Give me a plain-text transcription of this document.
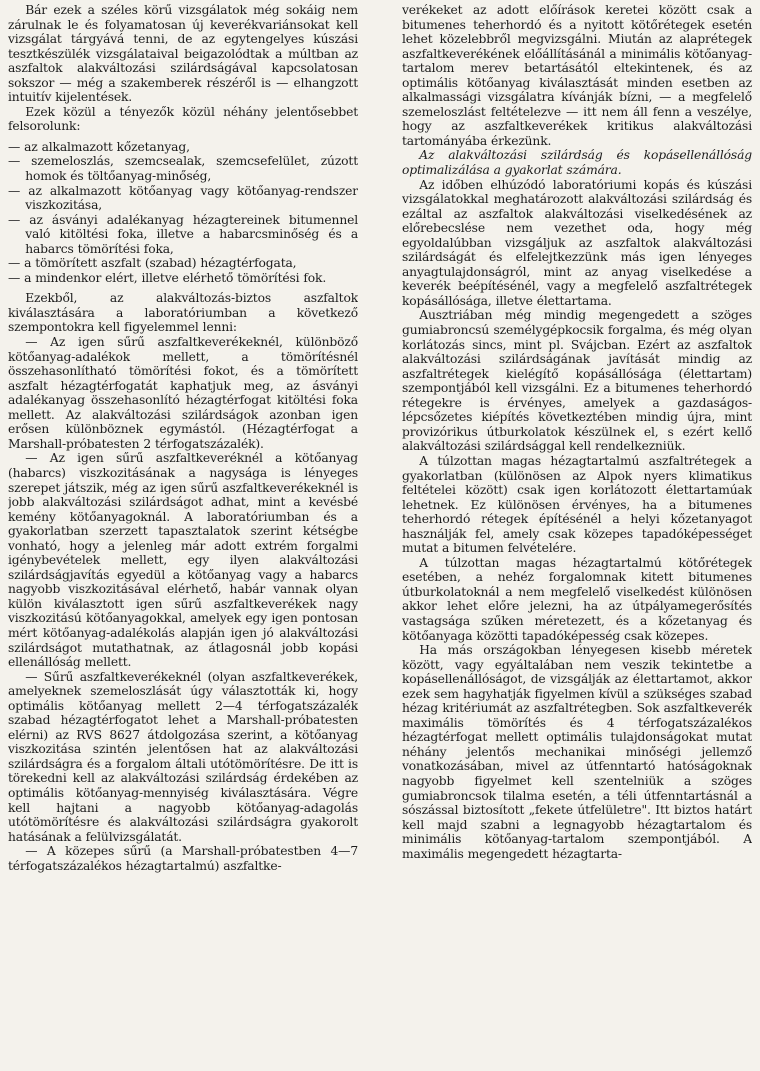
Bár ezek a széles körű vizsgálatok még sokáig nem zárulnak le és folyamatosan új keverékvariánsokat kell vizsgálat tárgyává tenni, de az egytengelyes kúszási tesztkészülék vizsgálataival beigazolódtak a múltban az aszfaltok alakváltozási szilárdságával kapcsolatosan sokszor — még a szakemberek részéről is — elhangzott intuitív kijelentések.

Ezek közül a tényezők közül néhány jelentősebbet felsorolunk:

— az alkalmazott kőzetanyag,

— szemeloszlás, szemcsealak, szemcsefelület, zúzott homok és töltőanyag-minőség,

— az alkalmazott kötőanyag vagy kötőanyag-rendszer viszkozitása,

— az ásványi adalékanyag hézagtereinek bitumennel való kitöltési foka, illetve a habarcsminőség és a habarcs tömörítési foka,

— a tömörített aszfalt (szabad) hézagtérfogata,

— a mindenkor elért, illetve elérhető tömörítési fok.

Ezekből, az alakváltozás-biztos aszfaltok kiválasztására a laboratóriumban a következő szempontokra kell figyelemmel lenni:

— Az igen sűrű aszfaltkeverékeknél, különböző kötőanyag-adalékok mellett, a tömörítésnél összehasonlítható tömörítési fokot, és a tömörített aszfalt hézagtérfogatát kaphatjuk meg, az ásványi adalékanyag összehasonlító hézagtérfogat kitöltési foka mellett. Az alakváltozási szilárdságok azonban igen erősen különböznek egymástól. (Hézagtérfogat a Marshall-próbatesten 2 térfogatszázalék).

— Az igen sűrű aszfaltkeveréknél a kötőanyag (habarcs) viszkozitásának a nagysága is lényeges szerepet játszik, még az igen sűrű aszfaltkeverékeknél is jobb alakváltozási szilárdságot adhat, mint a kevésbé kemény kötőanyagoknál. A laboratóriumban és a gyakorlatban szerzett tapasztalatok szerint kétségbe vonható, hogy a jelenleg már adott extrém forgalmi igénybevételek mellett, egy ilyen alakváltozási szilárdságjavítás egyedül a kötőanyag vagy a habarcs nagyobb viszkozitásával elérhető, habár vannak olyan külön kiválasztott igen sűrű aszfaltkeverékek nagy viszkozitású kötőanyagokkal, amelyek egy igen pontosan mért kötőanyag-adalékolás alapján igen jó alakváltozási szilárdságot mutathatnak, az átlagosnál jobb kopási ellenállóság mellett.

— Sűrű aszfaltkeverékeknél (olyan aszfaltkeverékek, amelyeknek szemeloszlását úgy választották ki, hogy optimális kötőanyag mellett 2—4 térfogatszázalék szabad hézagtérfogatot lehet a Marshall-próbatesten elérni) az RVS 8627 átdolgozása szerint, a kötőanyag viszkozitása szintén jelentősen hat az alakváltozási szilárdságra és a forgalom általi utótömörítésre. De itt is törekedni kell az alakváltozási szilárdság érdekében az optimális kötőanyag-mennyiség kiválasztására. Végre kell hajtani a nagyobb kötőanyag-adagolás utótömörítésre és alakváltozási szilárdságra gyakorolt hatásának a felülvizsgálatát.

— A közepes sűrű (a Marshall-próbatestben 4—7 térfogatszázalékos hézagtartalmú) aszfaltke-

verékeket az adott előírások keretei között csak a bitumenes teherhordó és a nyitott kötőrétegek esetén lehet közelebbről megvizsgálni. Miután az alaprétegek aszfaltkeverékének előállításánál a minimális kötőanyag-tartalom merev betartásától eltekintenek, és az optimális kötőanyag kiválasztását minden esetben az alkalmassági vizsgálatra kívánják bízni, — a megfelelő szemeloszlást feltételezve — itt nem áll fenn a veszélye, hogy az aszfaltkeverékek kritikus alakváltozási tartományába érkezünk.

Az alakváltozási szilárdság és kopásellenállóság optimalizálása a gyakorlat számára.

Az időben elhúzódó laboratóriumi kopás és kúszási vizsgálatokkal meghatározott alakváltozási szilárdság és ezáltal az aszfaltok alakváltozási viselkedésének az előrebecslése nem vezethet oda, hogy még egyoldalúbban vizsgáljuk az aszfaltok alakváltozási szilárdságát és elfelejtkezzünk más igen lényeges anyagtulajdonságról, mint az anyag viselkedése a keverék beépítésénél, vagy a megfelelő aszfaltrétegek kopásállósága, illetve élettartama.

Ausztriában még mindig megengedett a szöges gumiabroncsú személygépkocsik forgalma, és még olyan korlátozás sincs, mint pl. Svájcban. Ezért az aszfaltok alakváltozási szilárdságának javítását mindig az aszfaltrétegek kielégítő kopásállósága (élettartam) szempontjából kell vizsgálni. Ez a bitumenes teherhordó rétegekre is érvényes, amelyek a gazdaságos-lépcsőzetes kiépítés következtében mindig újra, mint provizórikus útburkolatok készülnek el, s ezért kellő alakváltozási szilárdsággal kell rendelkezniük.

A túlzottan magas hézagtartalmú aszfaltrétegek a gyakorlatban (különösen az Alpok nyers klimatikus feltételei között) csak igen korlátozott élettartamúak lehetnek. Ez különösen érvényes, ha a bitumenes teherhordó rétegek építésénél a helyi kőzetanyagot használják fel, amely csak közepes tapadóképességet mutat a bitumen felvételére.

A túlzottan magas hézagtartalmú kötőrétegek esetében, a nehéz forgalomnak kitett bitumenes útburkolatoknál a nem megfelelő viselkedést különösen akkor lehet előre jelezni, ha az útpályamegerősítés vastagsága szűken méretezett, és a kőzetanyag és kötőanyaga közötti tapadóképesség csak közepes.

Ha más országokban lényegesen kisebb méretek között, vagy egyáltalában nem veszik tekintetbe a kopásellenállóságot, de vizsgálják az élettartamot, akkor ezek sem hagyhatják figyelmen kívül a szükséges szabad hézag kritériumát az aszfaltrétegben. Sok aszfaltkeverék maximális tömörítés és 4 térfogatszázalékos hézagtérfogat mellett optimális tulajdonságokat mutat néhány jelentős mechanikai minőségi jellemző vonatkozásában, mivel az útfenntartó hatóságoknak nagyobb figyelmet kell szentelniük a szöges gumiabroncsok tilalma esetén, a téli útfenntartásnál a sószással biztosított „fekete útfelületre". Itt biztos határt kell majd szabni a legnagyobb hézagtartalom és minimális kötőanyag-tartalom szempontjából. A maximális megengedett hézagtarta-
